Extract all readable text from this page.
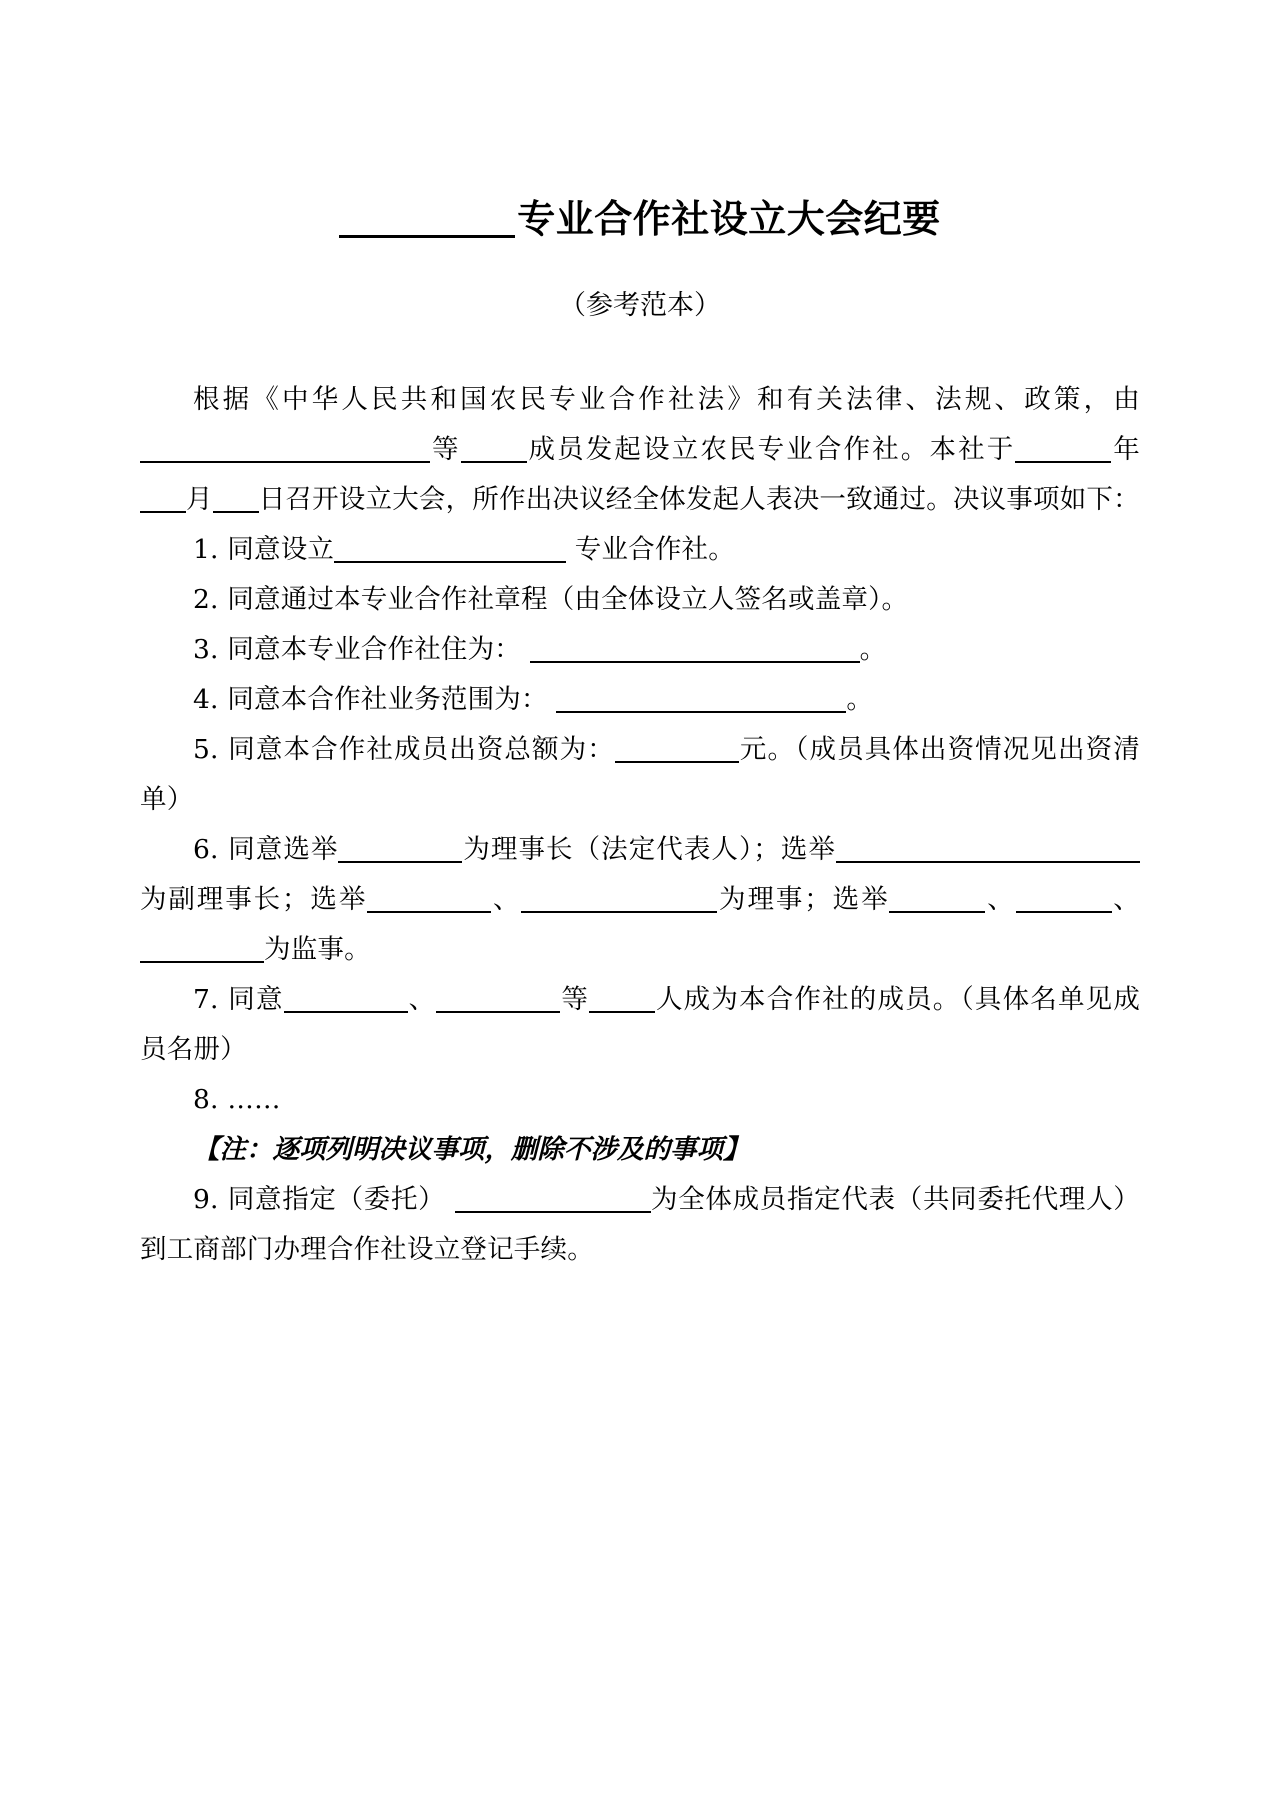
专业合作社设立大会纪要

（参考范本）

根据《中华人民共和国农民专业合作社法》和有关法律、法规、政策，由等 成员发起设立农民专业合作社。本社于	年月 日召开设立大会，所作出决议经全体发起人表决一致通过。决议事项如下：

1. 同意设立	专业合作社。

2. 同意通过本专业合作社章程（由全体设立人签名或盖章）。

3. 同意本专业合作社住为：	。

4. 同意本合作社业务范围为：	。

5. 同意本合作社成员出资总额为：	元。（成员具体出资情况见出资清单）

6. 同意选举	为理事长（法定代表人）；选举为副理事长；选举	、	为理事；选举	、	、为监事。

7. 同意	、	等 人成为本合作社的成员。（具体名单见成员名册）

8. ……

【注：逐项列明决议事项，删除不涉及的事项】

9. 同意指定（委托）	为全体成员指定代表（共同委托代理人）到工商部门办理合作社设立登记手续。
